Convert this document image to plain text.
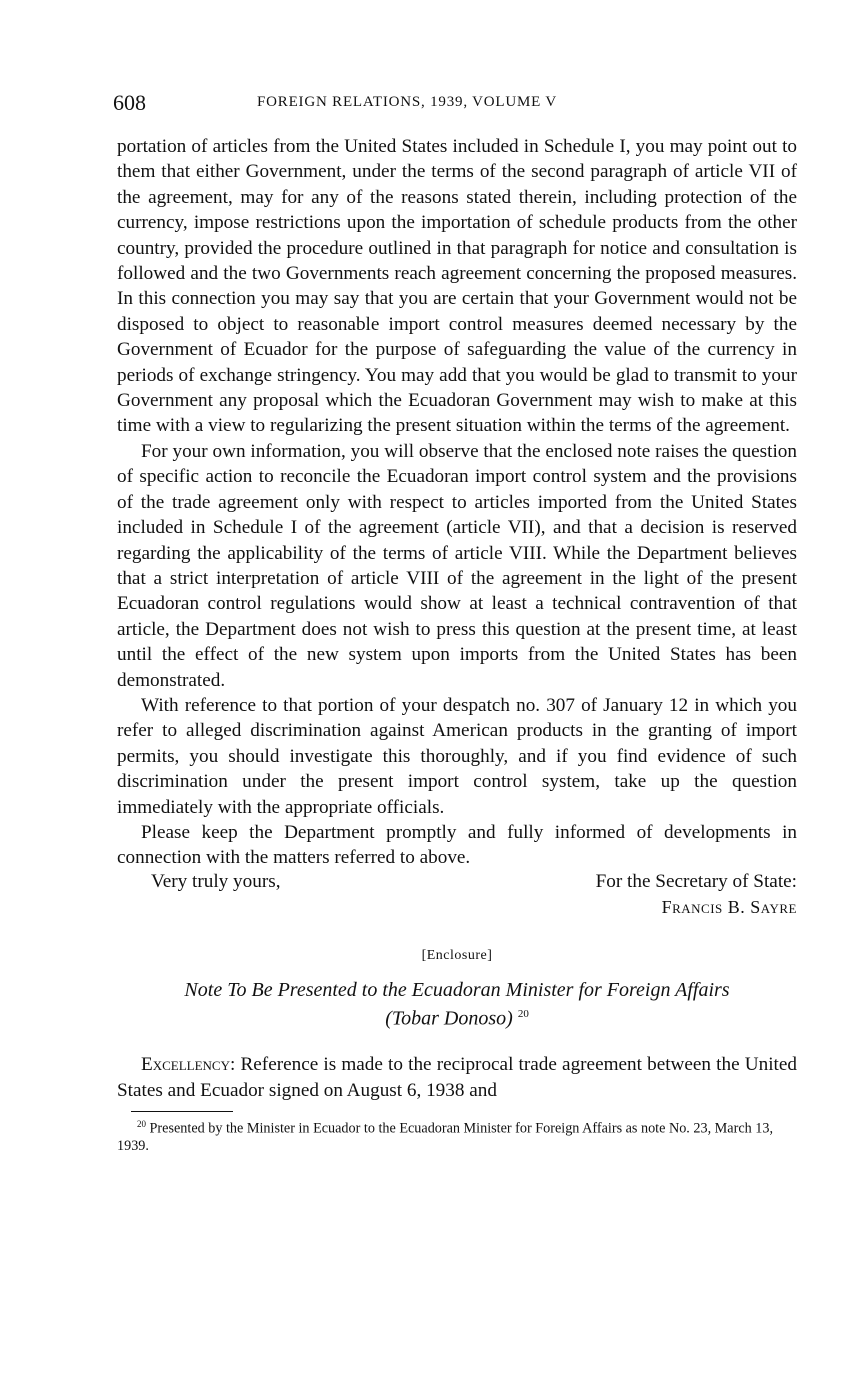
608	FOREIGN RELATIONS, 1939, VOLUME V

portation of articles from the United States included in Schedule I, you may point out to them that either Government, under the terms of the second paragraph of article VII of the agreement, may for any of the reasons stated therein, including protection of the currency, impose restrictions upon the importation of schedule products from the other country, provided the procedure outlined in that paragraph for notice and consultation is followed and the two Governments reach agreement concerning the proposed measures. In this connection you may say that you are certain that your Government would not be disposed to object to reasonable import control measures deemed necessary by the Government of Ecuador for the purpose of safeguarding the value of the currency in periods of exchange stringency. You may add that you would be glad to transmit to your Government any proposal which the Ecuadoran Government may wish to make at this time with a view to regularizing the present situation within the terms of the agreement.

For your own information, you will observe that the enclosed note raises the question of specific action to reconcile the Ecuadoran import control system and the provisions of the trade agreement only with respect to articles imported from the United States included in Schedule I of the agreement (article VII), and that a decision is reserved regarding the applicability of the terms of article VIII. While the Department believes that a strict interpretation of article VIII of the agreement in the light of the present Ecuadoran control regulations would show at least a technical contravention of that article, the Department does not wish to press this question at the present time, at least until the effect of the new system upon imports from the United States has been demonstrated.

With reference to that portion of your despatch no. 307 of January 12 in which you refer to alleged discrimination against American products in the granting of import permits, you should investigate this thoroughly, and if you find evidence of such discrimination under the present import control system, take up the question immediately with the appropriate officials.

Please keep the Department promptly and fully informed of developments in connection with the matters referred to above.

Very truly yours,	For the Secretary of State:
Francis B. Sayre
[Enclosure]
Note To Be Presented to the Ecuadoran Minister for Foreign Affairs
(Tobar Donoso) $^{20}$
Excellency: Reference is made to the reciprocal trade agreement between the United States and Ecuador signed on August 6, 1938 and
$^{20}$ Presented by the Minister in Ecuador to the Ecuadoran Minister for Foreign Affairs as note No. 23, March 13, 1939.
